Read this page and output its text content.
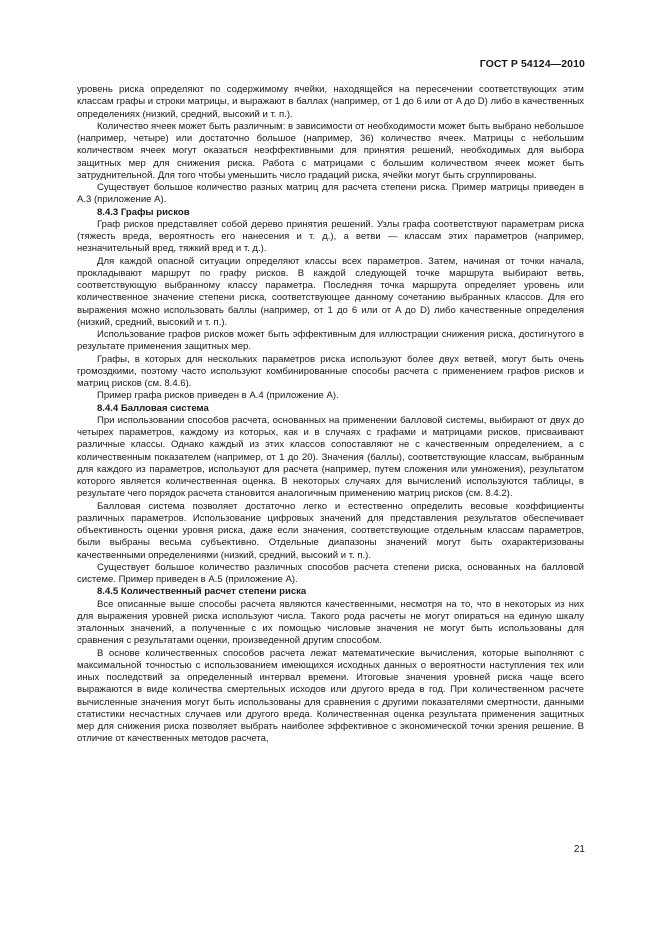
ГОСТ Р 54124—2010

уровень риска определяют по содержимому ячейки, находящейся на пересечении соответствующих этим классам графы и строки матрицы, и выражают в баллах (например, от 1 до 6 или от A до D) либо в качественных определениях (низкий, средний, высокий и т. п.).

Количество ячеек может быть различным: в зависимости от необходимости может быть выбрано небольшое (например, четыре) или достаточно большое (например, 36) количество ячеек. Матрицы с небольшим количеством ячеек могут оказаться неэффективными для принятия решений, необходимых для выбора защитных мер для снижения риска. Работа с матрицами с большим количеством ячеек может быть затруднительной. Для того чтобы уменьшить число градаций риска, ячейки могут быть сгруппированы.

Существует большое количество разных матриц для расчета степени риска. Пример матрицы приведен в А.3 (приложение А).

8.4.3 Графы рисков

Граф рисков представляет собой дерево принятия решений. Узлы графа соответствуют параметрам риска (тяжесть вреда, вероятность его нанесения и т. д.), а ветви — классам этих параметров (например, незначительный вред, тяжкий вред и т. д.).

Для каждой опасной ситуации определяют классы всех параметров. Затем, начиная от точки начала, прокладывают маршрут по графу рисков. В каждой следующей точке маршрута выбирают ветвь, соответствующую выбранному классу параметра. Последняя точка маршрута определяет уровень или количественное значение степени риска, соответствующее данному сочетанию выбранных классов. Для его выражения можно использовать баллы (например, от 1 до 6 или от A до D) либо качественные определения (низкий, средний, высокий и т. п.).

Использование графов рисков может быть эффективным для иллюстрации снижения риска, достигнутого в результате применения защитных мер.

Графы, в которых для нескольких параметров риска используют более двух ветвей, могут быть очень громоздкими, поэтому часто используют комбинированные способы расчета с применением графов рисков и матриц рисков (см. 8.4.6).

Пример графа рисков приведен в А.4 (приложение А).

8.4.4 Балловая система

При использовании способов расчета, основанных на применении балловой системы, выбирают от двух до четырех параметров, каждому из которых, как и в случаях с графами и матрицами рисков, присваивают различные классы. Однако каждый из этих классов сопоставляют не с качественным определением, а с количественным показателем (например, от 1 до 20). Значения (баллы), соответствующие классам, выбранным для каждого из параметров, используют для расчета (например, путем сложения или умножения), результатом которого является количественная оценка. В некоторых случаях для вычислений используются таблицы, в результате чего порядок расчета становится аналогичным применению матриц рисков (см. 8.4.2).

Балловая система позволяет достаточно легко и естественно определить весовые коэффициенты различных параметров. Использование цифровых значений для представления результатов обеспечивает объективность оценки уровня риска, даже если значения, соответствующие отдельным классам параметров, были выбраны весьма субъективно. Отдельные диапазоны значений могут быть охарактеризованы качественными определениями (низкий, средний, высокий и т. п.).

Существует большое количество различных способов расчета степени риска, основанных на балловой системе. Пример приведен в А.5 (приложение А).

8.4.5 Количественный расчет степени риска

Все описанные выше способы расчета являются качественными, несмотря на то, что в некоторых из них для выражения уровней риска используют числа. Такого рода расчеты не могут опираться на единую шкалу эталонных значений, а полученные с их помощью числовые значения не могут быть использованы для сравнения с результатами оценки, произведенной другим способом.

В основе количественных способов расчета лежат математические вычисления, которые выполняют с максимальной точностью с использованием имеющихся исходных данных о вероятности наступления тех или иных последствий за определенный интервал времени. Итоговые значения уровней риска чаще всего выражаются в виде количества смертельных исходов или другого вреда в год. При количественном расчете вычисленные значения могут быть использованы для сравнения с другими показателями смертности, данными статистики несчастных случаев или другого вреда. Количественная оценка результата применения защитных мер для снижения риска позволяет выбрать наиболее эффективное с экономической точки зрения решение. В отличие от качественных методов расчета,

21
